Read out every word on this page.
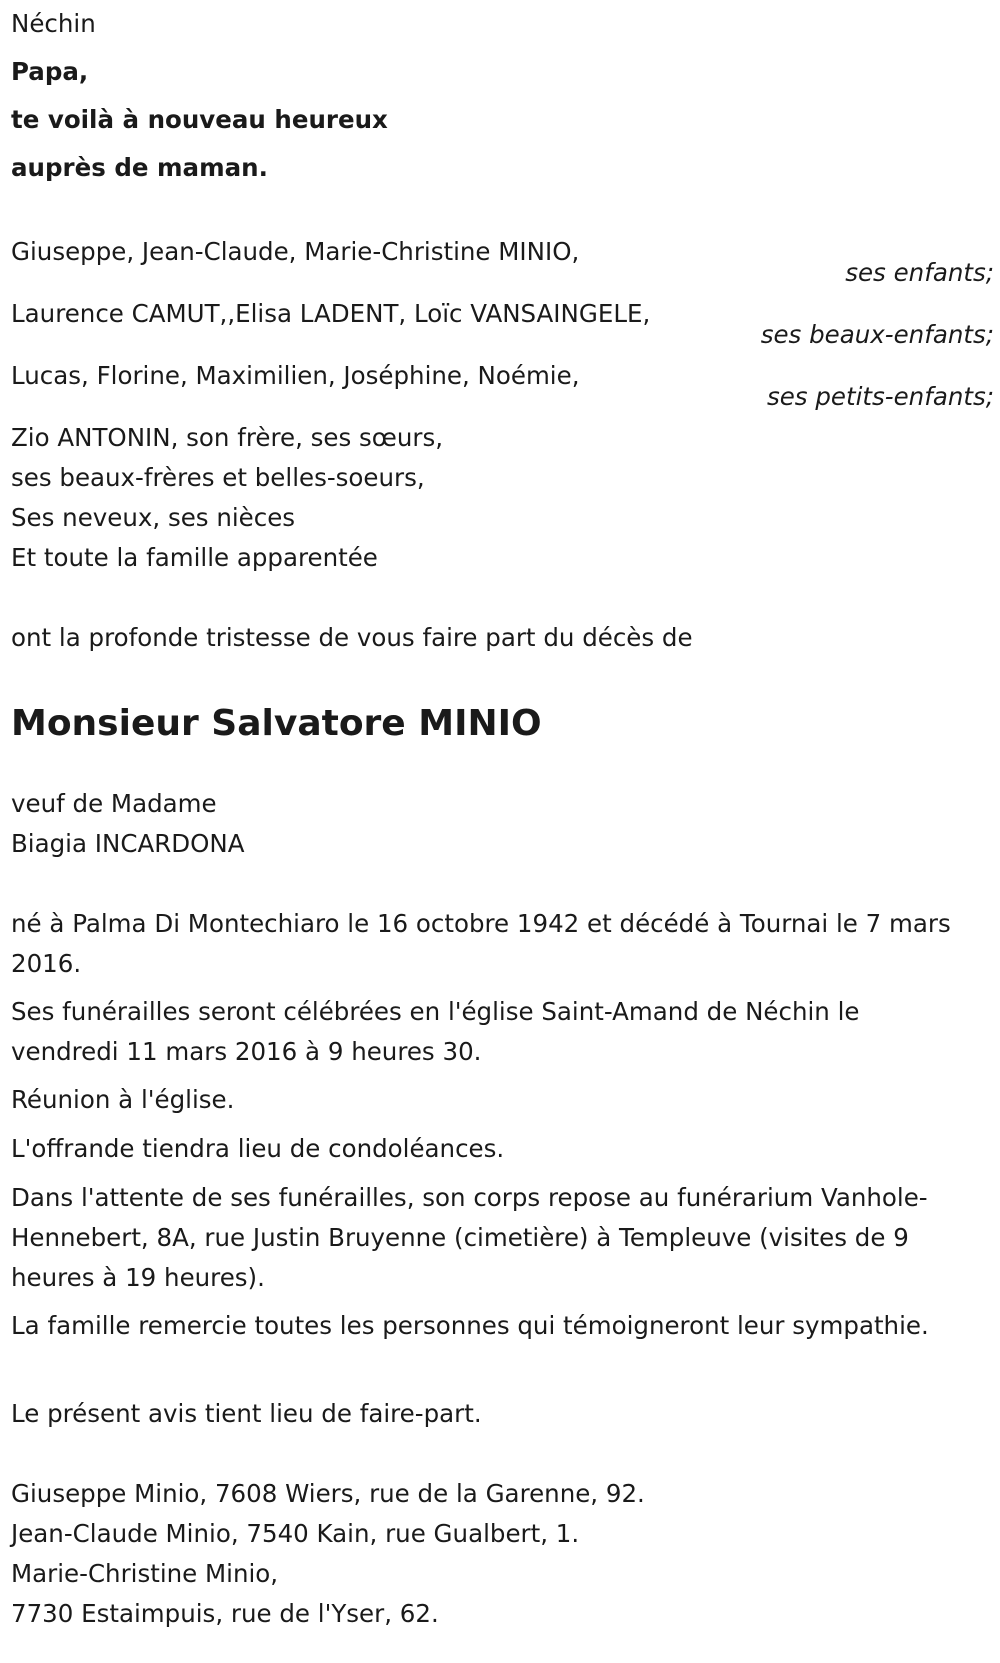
Néchin
Papa,
te voilà à nouveau heureux
auprès de maman.
Giuseppe, Jean-Claude, Marie-Christine MINIO,
ses enfants;
Laurence CAMUT,,Elisa LADENT, Loïc VANSAINGELE,
ses beaux-enfants;
Lucas, Florine, Maximilien, Joséphine, Noémie,
ses petits-enfants;
Zio ANTONIN, son frère, ses sœurs,
ses beaux-frères et belles-soeurs,
Ses neveux, ses nièces
Et toute la famille apparentée
ont la profonde tristesse de vous faire part du décès de
Monsieur Salvatore MINIO
veuf de Madame
Biagia INCARDONA
né à Palma Di Montechiaro le 16 octobre 1942 et décédé à Tournai le 7 mars 2016.
Ses funérailles seront célébrées en l'église Saint-Amand de Néchin le vendredi 11 mars 2016 à 9 heures 30.
Réunion à l'église.
L'offrande tiendra lieu de condoléances.
Dans l'attente de ses funérailles, son corps repose au funérarium Vanhole-Hennebert, 8A, rue Justin Bruyenne (cimetière) à Templeuve (visites de 9 heures à 19 heures).
La famille remercie toutes les personnes qui témoigneront leur sympathie.
Le présent avis tient lieu de faire-part.
Giuseppe Minio, 7608 Wiers, rue de la Garenne, 92.
Jean-Claude Minio, 7540 Kain, rue Gualbert, 1.
Marie-Christine Minio,
7730 Estaimpuis, rue de l'Yser, 62.
